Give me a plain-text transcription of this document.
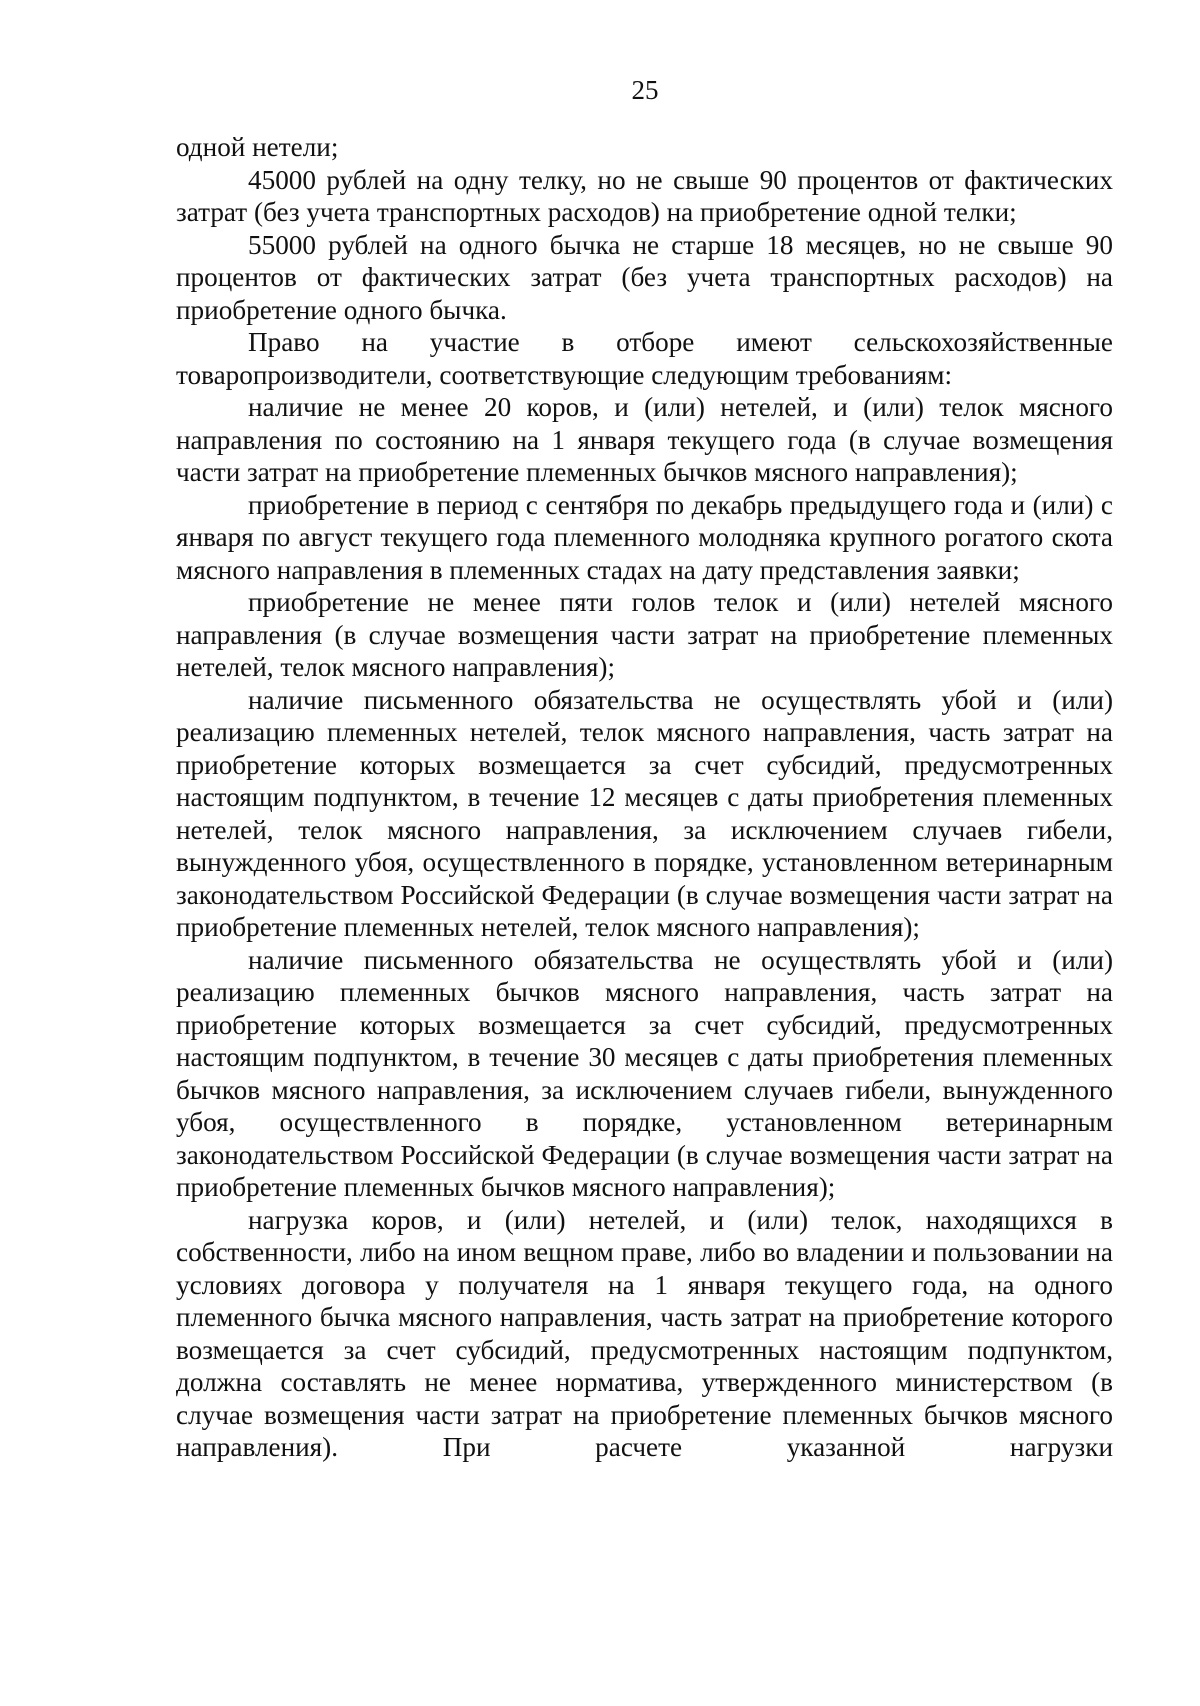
25

одной нетели;

45000 рублей на одну телку, но не свыше 90 процентов от фактических затрат (без учета транспортных расходов) на приобретение одной телки;

55000 рублей на одного бычка не старше 18 месяцев, но не свыше 90 процентов от фактических затрат (без учета транспортных расходов) на приобретение одного бычка.

Право на участие в отборе имеют сельскохозяйственные товаропроизводители, соответствующие следующим требованиям:

наличие не менее 20 коров, и (или) нетелей, и (или) телок мясного направления по состоянию на 1 января текущего года (в случае возмещения части затрат на приобретение племенных бычков мясного направления);

приобретение в период с сентября по декабрь предыдущего года и (или) с января по август текущего года племенного молодняка крупного рогатого скота мясного направления в племенных стадах на дату представления заявки;

приобретение не менее пяти голов телок и (или) нетелей мясного направления (в случае возмещения части затрат на приобретение племенных нетелей, телок мясного направления);

наличие письменного обязательства не осуществлять убой и (или) реализацию племенных нетелей, телок мясного направления, часть затрат на приобретение которых возмещается за счет субсидий, предусмотренных настоящим подпунктом, в течение 12 месяцев с даты приобретения племенных нетелей, телок мясного направления, за исключением случаев гибели, вынужденного убоя, осуществленного в порядке, установленном ветеринарным законодательством Российской Федерации (в случае возмещения части затрат на приобретение племенных нетелей, телок мясного направления);

наличие письменного обязательства не осуществлять убой и (или) реализацию племенных бычков мясного направления, часть затрат на приобретение которых возмещается за счет субсидий, предусмотренных настоящим подпунктом, в течение 30 месяцев с даты приобретения племенных бычков мясного направления, за исключением случаев гибели, вынужденного убоя, осуществленного в порядке, установленном ветеринарным законодательством Российской Федерации (в случае возмещения части затрат на приобретение племенных бычков мясного направления);

нагрузка коров, и (или) нетелей, и (или) телок, находящихся в собственности, либо на ином вещном праве, либо во владении и пользовании на условиях договора у получателя на 1 января текущего года, на одного племенного бычка мясного направления, часть затрат на приобретение которого возмещается за счет субсидий, предусмотренных настоящим подпунктом, должна составлять не менее норматива, утвержденного министерством (в случае возмещения части затрат на приобретение племенных бычков мясного направления). При расчете указанной нагрузки
